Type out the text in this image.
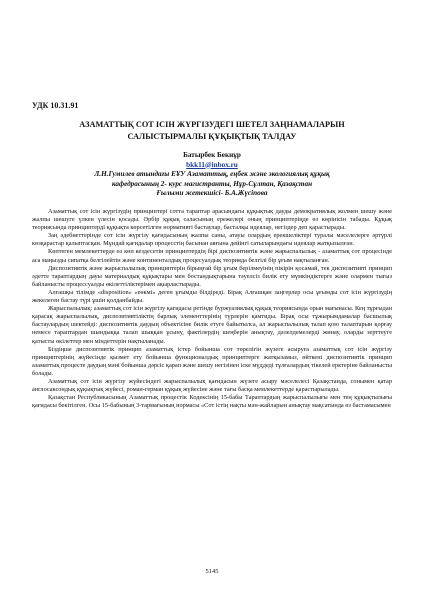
УДК 10.31.91
АЗАМАТТЫҚ СОТ ІСІН ЖҮРГІЗУДЕГІ ШЕТЕЛ ЗАҢНАМАЛАРЫН
САЛЫСТЫРМАЛЫ ҚҰҚЫҚТЫҚ ТАЛДАУ
Батырбек Бекнұр
bkk11@inbox.ru
Л.Н.Гумилев атындағы ЕҰУ Азаматтық, еңбек және экологиялық құқық
кафедрасының 2- курс магистранты, Нұр-Сұлтан, Қазақстан
Ғылыми жетекшісі- Б.А.Жүсіпова

Азаматтық сот ісін жүргізудің принциптері сотта тараптар арасындағы құқықтық дауды демократиялық жолмен шешу және жалпы шешуге үлкен үлесін қосады. Әрбір құқық саласының ережелері оның принциптеріңде өз көрінісін табады. Құқық теориясында принциптерді құқықта көрсетілген нормативті бастаулар, басталқы идеялар, негіздер деп қарастырады.

Заң әдебиеттерінде сот ісін жүргізу қағидасының жалпы саны, атауы олардың ерекшеліктері туралы мәселелерге әртүрлі көзқарастар қалыптасқан. Мұндай қағидалар процесстің басынан аяғына дейінгі сатыларындағы идеялар жатқызылған.

Көптеген мемлекеттерде өз көп кездесетін принциптердің бірі диспозитивтік және жарыспалылық - азаматтық сот процесінде аса маңызды сипатқа белгілейтін және континенталдық процесуалдық теорияда белгілі бір ұғым нақтыланған.

Диспозитивтік және жарыспалылық принциптерін бірыңғай бір ұғым берілмеуінің пікірін қосамай, тек диспозитивті принцип әдетте тараптардың дауы материалдық құқықтары мен бостандықтарына тәуелсіз билік ету мүмкіндіктерге және олармен тығыз байланысты процессуалды өкілеттіліктерімен ақырластырады.

Алғашқы тілімде «disposition» «еөкмі» деген ұғымды білдіреді. Бірақ Алғашқан заңгерлер осы ұғымды сот ісін жүргізудің жекелеген бастау түрі ұшін қолданбайды.

Жарыспалылық: азаматтық сот ісін жүргізу қағидасы ретінде буржуазиялық құқық теориясында орын мағынасы. Кең тұрғыдан қарасақ жарыспалылық, диспозитивтіліктің барлық элементтерінің түрлерін қамтиды. Бірақ осы тұжырымдамалар басшылық бастаулардың шектейді: диспозитивтік даудың объектісіне билік етуге байытылса, ал жарыспалылық талап қою талаптарын қорғау немесе тараптардан шындыққа талап шыққан ұсыну, фактілердің шеңберін анықтау, дәлелдемелерді жинау, оларды зерттеуге қатысты өкілеттер мен міндеттерін нақтыланады.

Біздіңше диспозитивтік принцип азаматтық істер бойынша сот төрелігін жүзеге асыруға азаматтық сот ісін жүргізу принциптерінің жүйесінде қызмет ету бойынша функционалдық принциптерге жатқызамыз, өйткені диспозитивтік принцип азаматтық процесте даудың мәні бойынша дәрсіс қарап және шешу негізінен іске мүддеді тұлғалардың тікелей ерктеріне байланысты болады.

Азаматтық сот ісін жүргізу жүйесіндегі жарыспалылық қағидасын жүзеге асыру мәселелесі Қазақстанда, сонымен қатар англосаксондық құқықтық жүйесі, роман-герман құқық жүйесіне және тағы басқа мемлекеттерде қарастырылады.

Қазақстан Республикасының Азаматтық процестік Кодексінің 15-бабы Тараптардың жарыспалылығы мен тең құқықтылығы қағидасы бекітілген. Осы 15-бабының 3-тармағының нормасы «Сот істің нақты мән-жайларын анықтау мақсатында өз бастамасымен

5145
